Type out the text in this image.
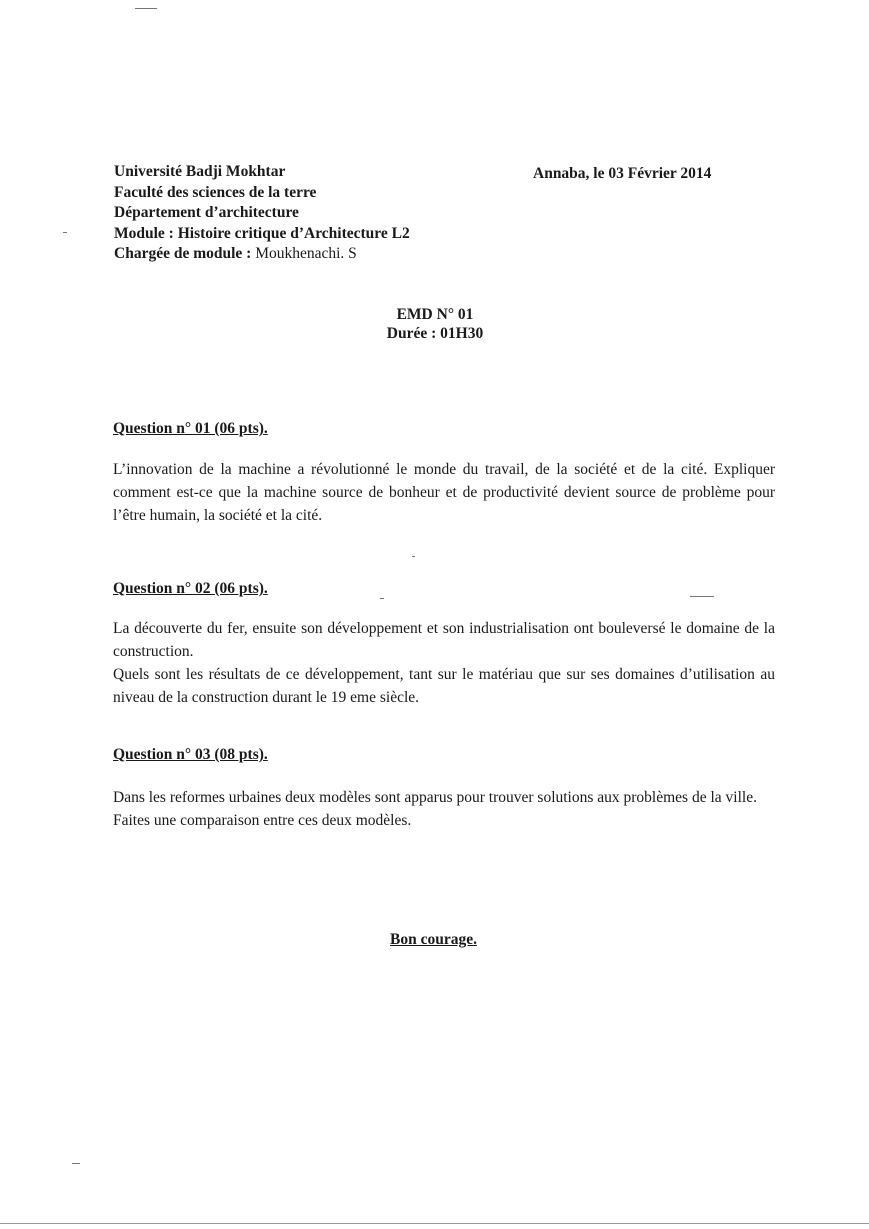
Université Badji Mokhtar
Faculté des sciences de la terre
Département d’architecture
Module : Histoire critique d’Architecture L2
Chargée de module : Moukhenachi. S
Annaba, le 03 Février 2014
EMD N° 01
Durée : 01H30
Question n° 01 (06 pts).

L’innovation de la machine a révolutionné le monde du travail, de la société et de la cité. Expliquer comment est-ce que la machine source de bonheur et de productivité devient source de problème pour l’être humain, la société et la cité.

Question n° 02 (06 pts).

La découverte du fer, ensuite son développement et son industrialisation ont bouleversé le domaine de la construction.

Quels sont les résultats de ce développement, tant sur le matériau que sur ses domaines d’utilisation au niveau de la construction durant le 19 eme siècle.

Question n° 03 (08 pts).

Dans les reformes urbaines deux modèles sont apparus pour trouver solutions aux problèmes de la ville.

Faites une comparaison entre ces deux modèles.

Bon courage.
